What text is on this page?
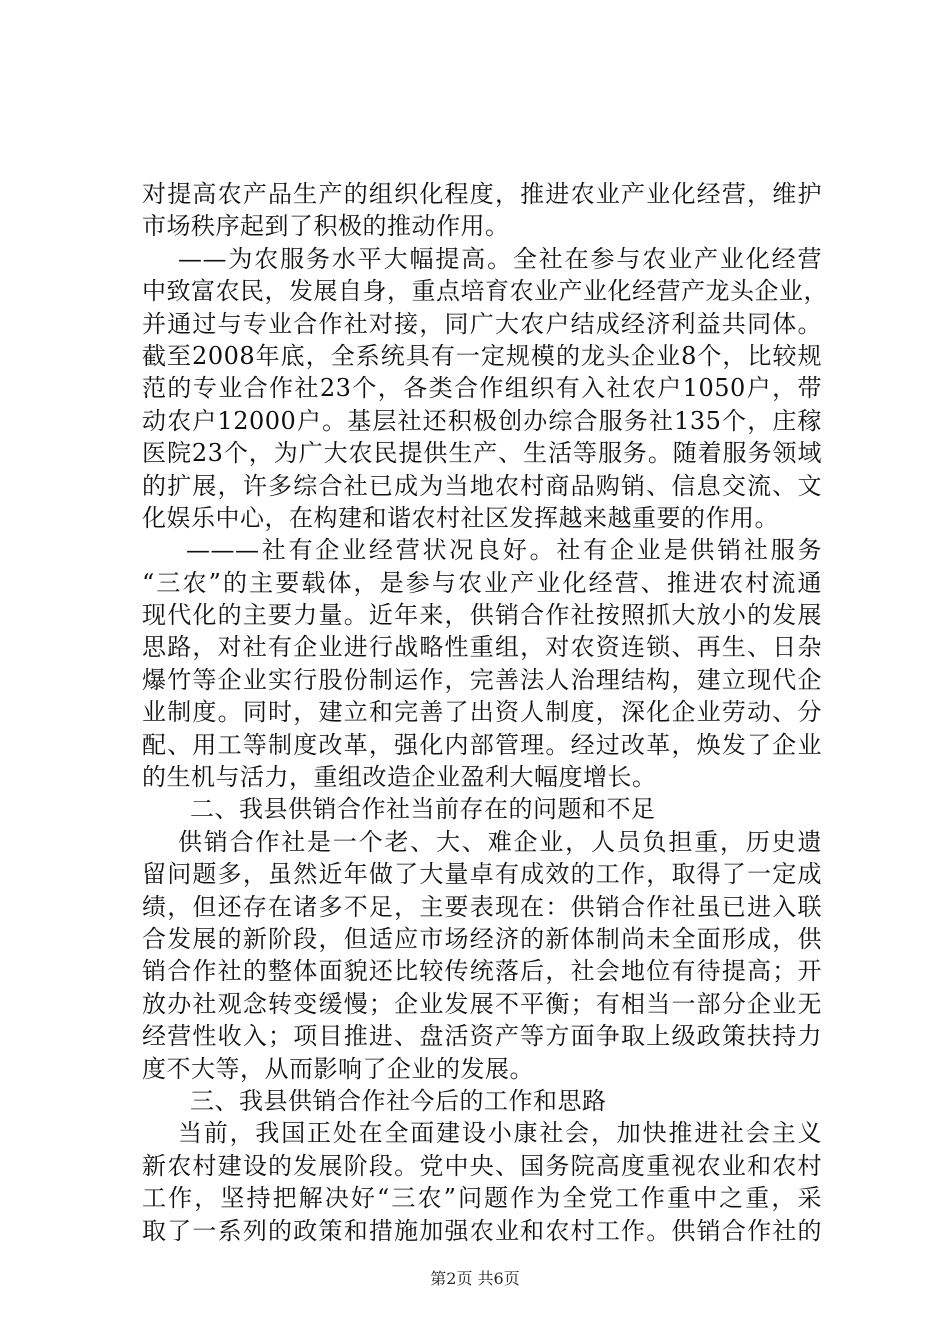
对提高农产品生产的组织化程度，推进农业产业化经营，维护
市场秩序起到了积极的推动作用。
——为农服务水平大幅提高。全社在参与农业产业化经营
中致富农民，发展自身，重点培育农业产业化经营产龙头企业，
并通过与专业合作社对接，同广大农户结成经济利益共同体。
截至2008年底，全系统具有一定规模的龙头企业8个，比较规
范的专业合作社23个，各类合作组织有入社农户1050户，带
动农户12000户。基层社还积极创办综合服务社135个，庄稼
医院23个，为广大农民提供生产、生活等服务。随着服务领域
的扩展，许多综合社已成为当地农村商品购销、信息交流、文
化娱乐中心，在构建和谐农村社区发挥越来越重要的作用。
———社有企业经营状况良好。社有企业是供销社服务
“三农”的主要载体，是参与农业产业化经营、推进农村流通
现代化的主要力量。近年来，供销合作社按照抓大放小的发展
思路，对社有企业进行战略性重组，对农资连锁、再生、日杂
爆竹等企业实行股份制运作，完善法人治理结构，建立现代企
业制度。同时，建立和完善了出资人制度，深化企业劳动、分
配、用工等制度改革，强化内部管理。经过改革，焕发了企业
的生机与活力，重组改造企业盈利大幅度增长。
二、我县供销合作社当前存在的问题和不足
供销合作社是一个老、大、难企业，人员负担重，历史遗
留问题多，虽然近年做了大量卓有成效的工作，取得了一定成
绩，但还存在诸多不足，主要表现在：供销合作社虽已进入联
合发展的新阶段，但适应市场经济的新体制尚未全面形成，供
销合作社的整体面貌还比较传统落后，社会地位有待提高；开
放办社观念转变缓慢；企业发展不平衡；有相当一部分企业无
经营性收入；项目推进、盘活资产等方面争取上级政策扶持力
度不大等，从而影响了企业的发展。
三、我县供销合作社今后的工作和思路
当前，我国正处在全面建设小康社会，加快推进社会主义
新农村建设的发展阶段。党中央、国务院高度重视农业和农村
工作，坚持把解决好“三农”问题作为全党工作重中之重，采
取了一系列的政策和措施加强农业和农村工作。供销合作社的
第2页 共6页
